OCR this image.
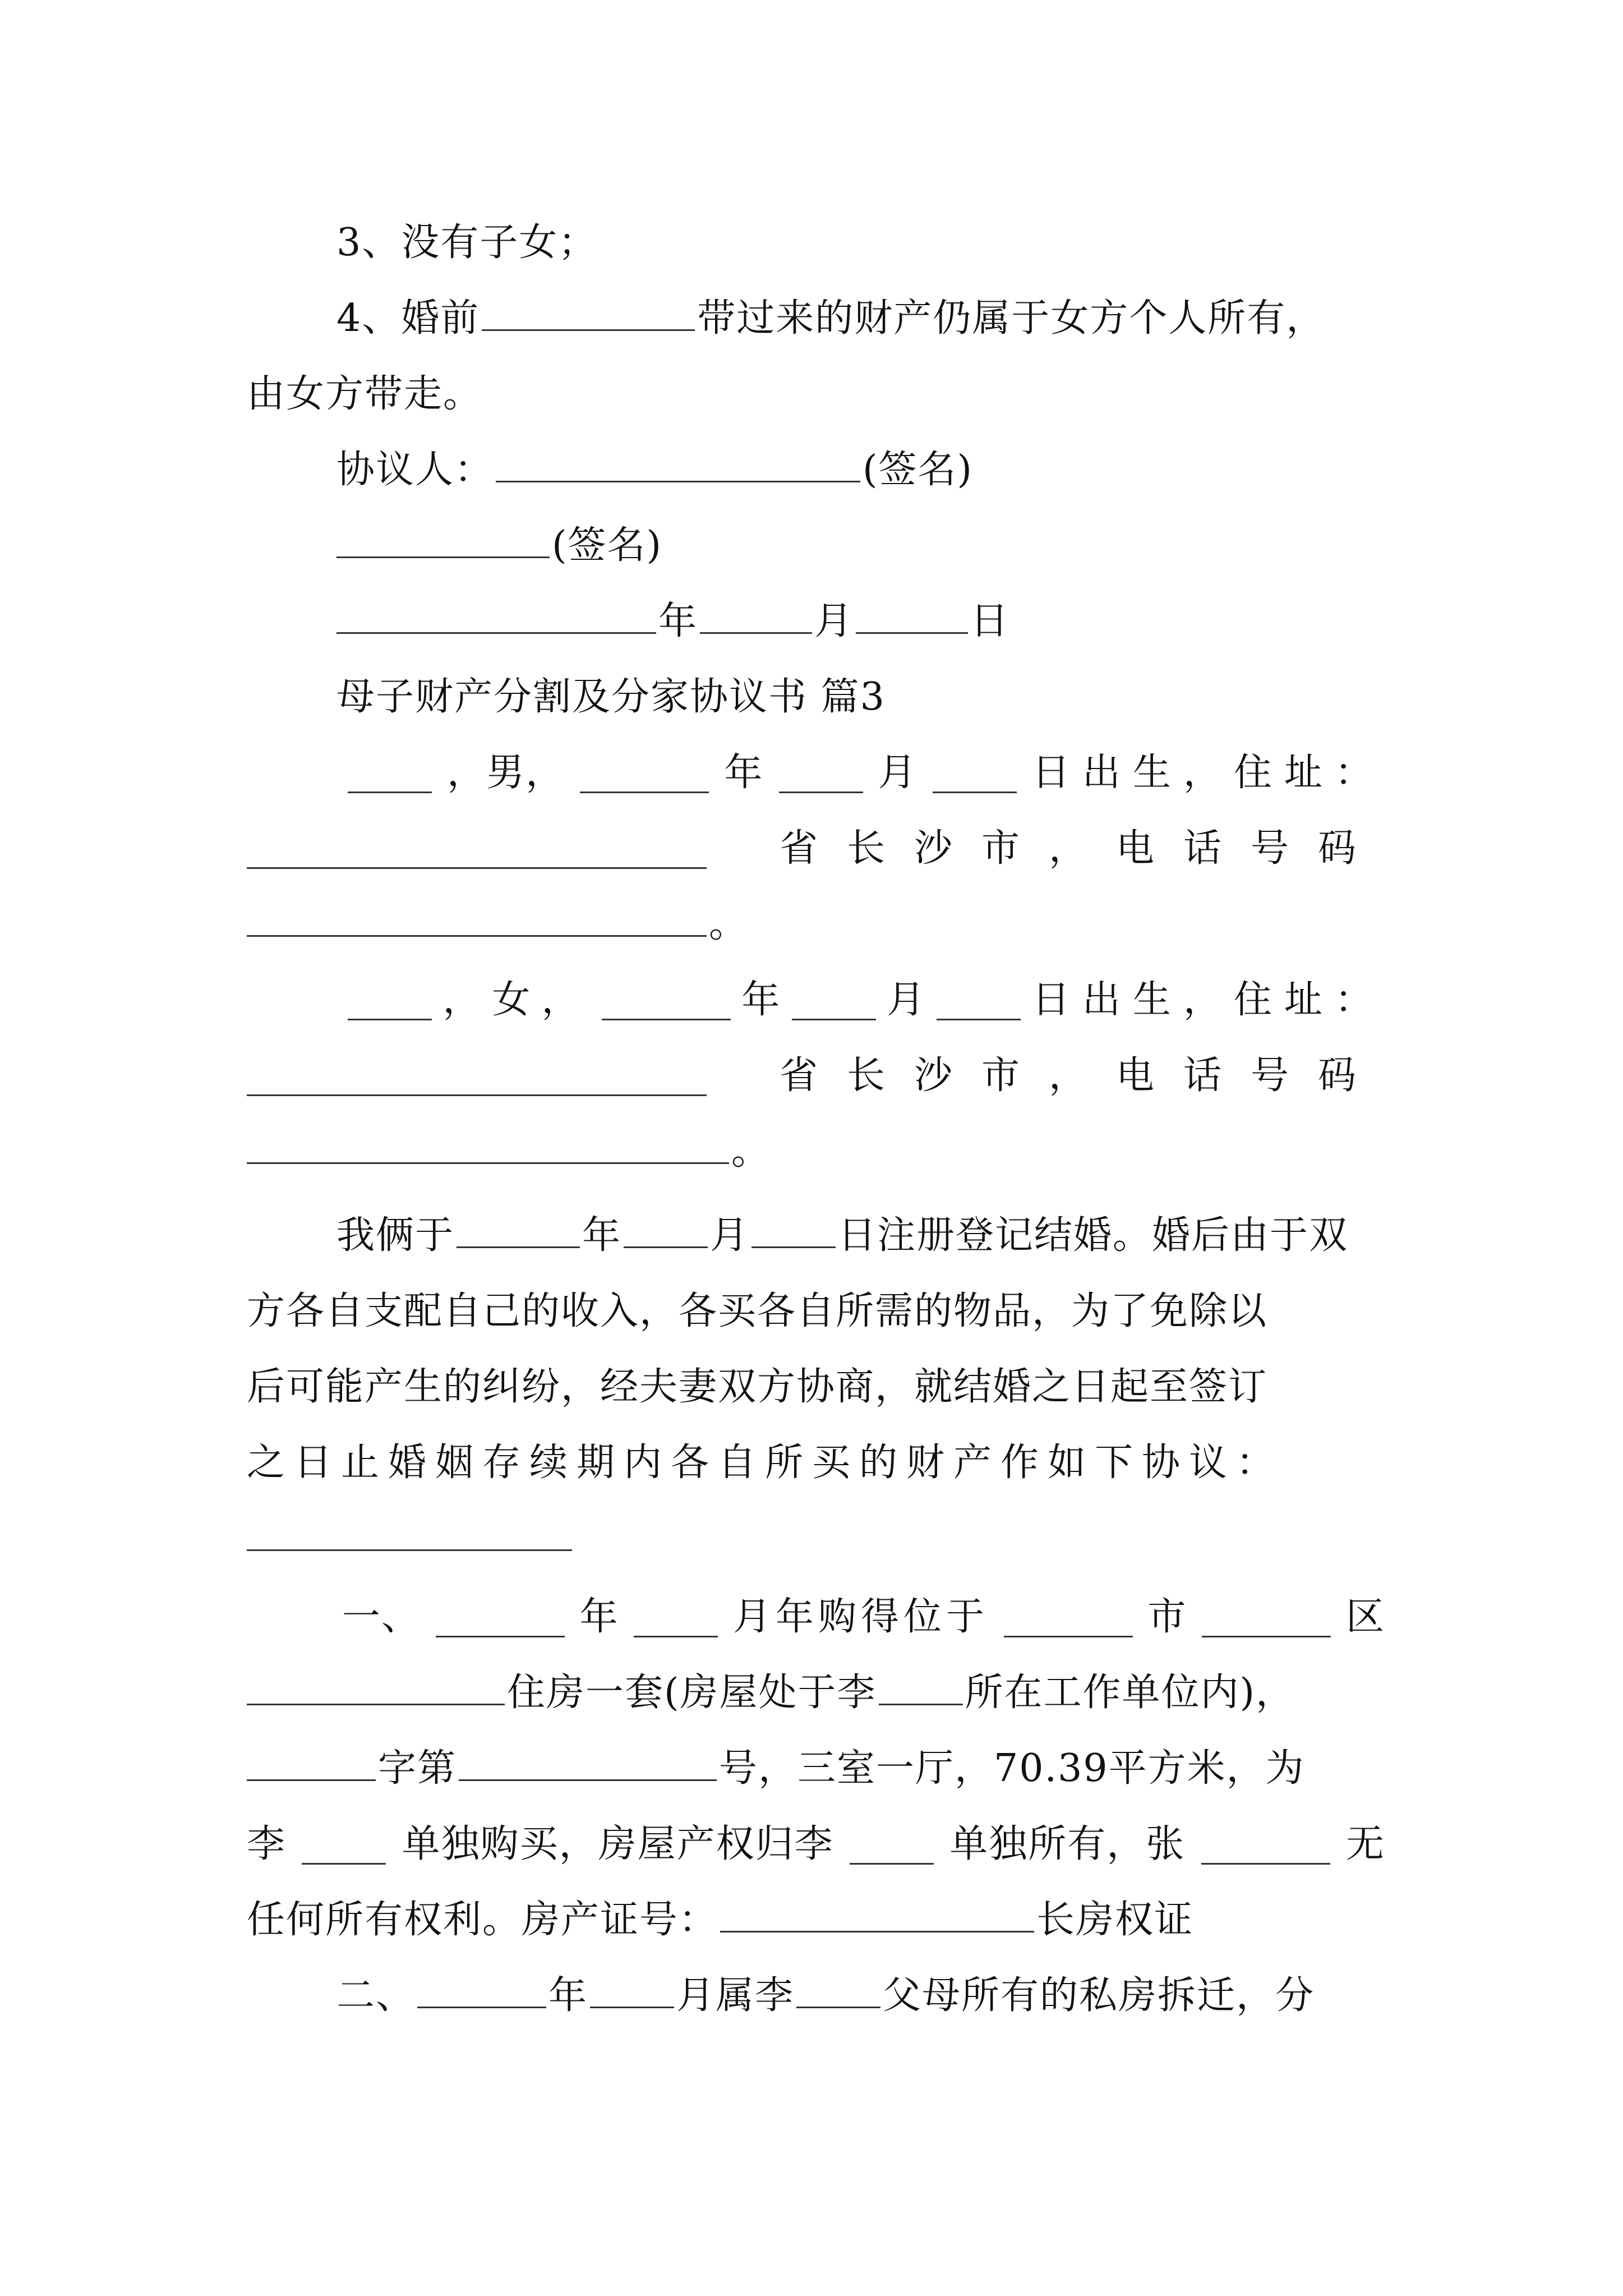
3、没有子女；
4、婚前	带过来的财产仍属于女方个人所有，
由女方带走。
协议人：	(签名)
(签名)
年	月	日
母子财产分割及分家协议书 篇3
，男，	年	月	日出生，住址：
省长沙市，电话号码
。
，女，	年	月	日出生，住址：
省长沙市，电话号码
。
我俩于	年 月 日注册登记结婚。婚后由于双
方各自支配自己的收入，各买各自所需的物品，为了免除以
后可能产生的纠纷，经夫妻双方协商，就结婚之日起至签订
之日止婚姻存续期内各自所买的财产作如下协议：
一、	年	月年购得位于	市	区
住房一套(房屋处于李 所在工作单位内)，
字第	号，三室一厅，70.39平方米，为
李	单独购买，房屋产权归李	单独所有，张	无
任何所有权利。房产证号：	长房权证
二、	年 月属李 父母所有的私房拆迁，分
